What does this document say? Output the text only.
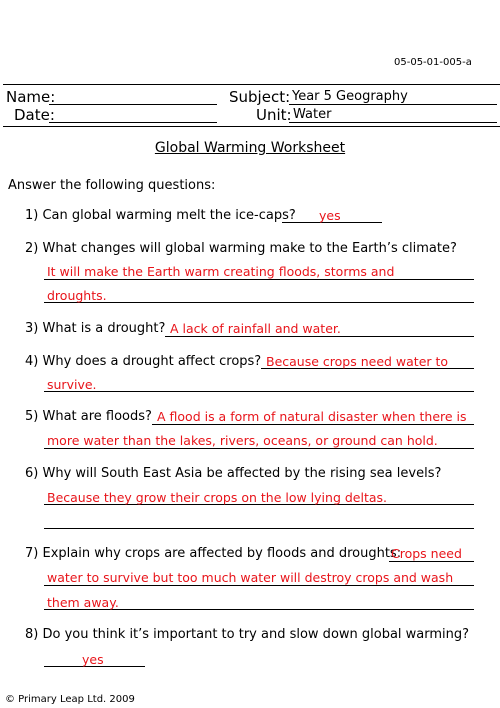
05-05-01-005-a
Name:	Subject: Year 5 Geography
Date:	Unit: Water
Global Warming Worksheet
Answer the following questions:
1) Can global warming melt the ice-caps? yes
2) What changes will global warming make to the Earth’s climate?
It will make the Earth warm creating floods, storms and
droughts.
3) What is a drought? A lack of rainfall and water.
4) Why does a drought affect crops? Because crops need water to
survive.
5) What are floods? A flood is a form of natural disaster when there is
more water than the lakes, rivers, oceans, or ground can hold.
6) Why will South East Asia be affected by the rising sea levels?
Because they grow their crops on the low lying deltas.
7) Explain why crops are affected by floods and droughts:
Crops need
water to survive but too much water will destroy crops and wash
them away.
8) Do you think it’s important to try and slow down global warming?
yes
© Primary Leap Ltd. 2009
